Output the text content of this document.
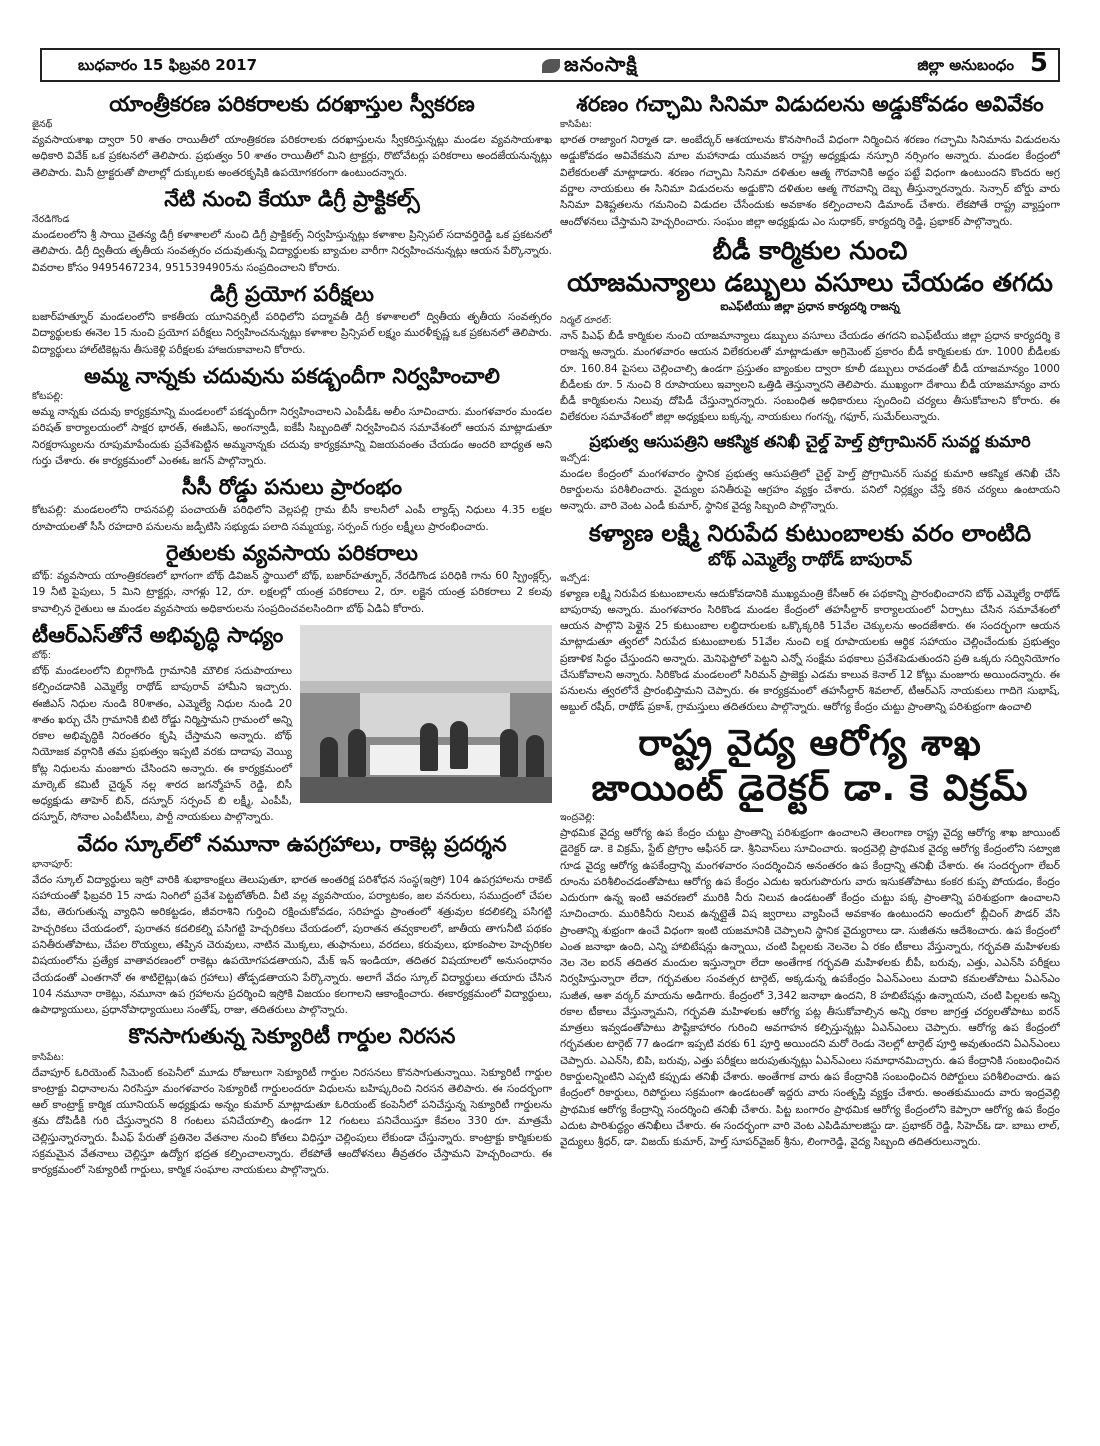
బుధవారం 15 ఫిబ్రవరి 2017	జనంసాక్షి	జిల్లా అనుబంధం 5
యాంత్రీకరణ పరికరాలకు దరఖాస్తుల స్వీకరణ

జైనథ్

వ్యవసాయశాఖ ద్వారా 50 శాతం రాయితీలో యాంత్రికరణ పరికరాలకు దరఖాస్తులను స్వీకరిస్తున్నట్లు మండల వ్యవసాయశాఖ అధికారి వివేక్ ఒక ప్రకటనలో తెలిపారు. ప్రభుత్వం 50 శాతం రాయితీలో మిని ట్రాక్టర్లు, రొటోవేటర్లు పరికరాలు అందజేయనున్నట్లు తెలిపారు. మినీ ట్రాక్టరుతో పొలాల్లో దుక్కులకు అంతరకృషికి ఉపయోగకరంగా ఉంటుందన్నారు.

నేటి నుంచి కేయూ డిగ్రీ ప్రాక్టికల్స్

నేరడిగొండ

మండలంలోని శ్రీ సాయి చైతన్య డిగ్రీ కళాశాలలో నుంచి డిగ్రీ ప్రాక్టికల్స్ నిర్వహిస్తున్నట్లు కళాశాల ప్రిన్సిపల్ సదావర్తిరెడ్డి ఒక ప్రకటనలో తెలిపారు. డిగ్రీ ద్వితీయ తృతీయ సంవత్సరం చదువుతున్న విద్యార్థులకు బ్యాచుల వారీగా నిర్వహించనున్నట్లు ఆయన పేర్కొన్నారు. వివరాల కోసం 9495467234, 9515394905ను సంప్రదించాలని కోరారు.

డిగ్రీ ప్రయోగ పరీక్షలు

బజార్‌హత్నూర్ మండలంలోని కాకతీయ యూనివర్సిటీ పరిధిలోని పద్మావతీ డిగ్రీ కళాశాలలో ద్వితీయ తృతీయ సంవత్సరం విద్యార్థులకు ఈనెల 15 నుంచి ప్రయోగ పరీక్షలు నిర్వహించనున్నట్లు కళాశాల ప్రిన్సిపల్ లక్ష్మం మురళీకృష్ణ ఒక ప్రకటనలో తెలిపారు. విద్యార్థులు హాల్‌టికెట్లను తీసుకెళ్లి పరీక్షలకు హాజరుకావాలని కోరారు.

అమ్మ నాన్నకు చదువును పకడ్బందీగా నిర్వహించాలి

కోటపల్లి:

అమ్మ నాన్నకు చదువు కార్యక్రమాన్ని మండలంలో పకడ్బందీగా నిర్వహించాలని ఎంపీడీఓ అలీం సూచించారు. మంగళవారం మండల పరిషత్ కార్యాలయంలో సాక్షర భారత్, ఈజీఎస్, అంగన్వాడీ, ఐకేపీ సిబ్బందితో నిర్వహించిన సమావేశంలో ఆయన మాట్లాడుతూ నిరక్షరాస్యులను రూపుమాపేందుకు ప్రవేశపెట్టిన అమ్మనాన్నకు చదువు కార్యక్రమాన్ని విజయవంతం చేయడం అందరి బాధ్యత అని గుర్తు చేశారు. ఈ కార్యక్రమంలో ఎంఈఓ జగన్ పాల్గొన్నారు.

సీసీ రోడ్డు పనులు ప్రారంభం

కోటపల్లి: మండలంలోని రాపనపల్లి పంచాయతీ పరిధిలోని వెల్లపల్లి గ్రామ బీసీ కాలనీలో ఎంపీ ల్యాడ్స్ నిధులు 4.35 లక్షల రూపాయలతో సీసీ రహదారి పనులను జడ్పీటిసి సభ్యుడు పలాది సమ్మయ్య, సర్పంచ్ గుర్రం లక్ష్మీలు ప్రారంభించారు.

రైతులకు వ్యవసాయ పరికరాలు

బోథ్: వ్యవసాయ యాంత్రికరణలో భాగంగా బోథ్ డివిజన్ స్థాయిలో బోథ్, బజార్‌హత్నూర్, నేరడిగొండ పరిధికి గాను 60 స్ప్రింక్లర్స్, 19 నీటి పైపులు, 5 మిని ట్రాక్టర్లు, నాగళ్లు 12, రూ. లక్షలల్లో యంత్ర పరికరాలు 2, రూ. లక్షైన యంత్ర పరికరాలు 2 కలవు కావాల్సిన రైతులు ఆ మండల వ్యవసాయ అధికారులను సంప్రదించవలసిందిగా బోథ్ ఏడిఏ కోరారు.

టీఆర్ఎస్‌తోనే అభివృద్ధి సాధ్యం

బోథ్:

బోథ్ మండలంలోని బిర్గాగొండి గ్రామానికి మౌలిక సదుపాయాలు కల్పించడానికి ఎమ్మెల్యే రాథోడ్ బాపురావ్ హామీని ఇచ్చారు. ఈజీఎస్ నిధుల నుండి 80శాతం, ఎమ్మెల్యే నిధుల నుండి 20 శాతం ఖర్చు చేసి గ్రామానికి బిటి రోడ్డు నిర్మిస్తామని గ్రామంలో అన్ని రకాల అభివృద్ధికి నిరంతరం కృషి చేస్తామని అన్నారు. బోథ్ నియోజక వర్గానికి తమ ప్రభుత్వం ఇప్పటి వరకు దాదాపు వెయ్యి కోట్ల నిధులను మంజూరు చేసిందని అన్నారు. ఈ కార్యక్రమంలో మార్కెట్ కమిటీ చైర్మన్ నల్ల శారద జగన్మోహన్ రెడ్డి, బిసీ అధ్యక్షుడు తాహెర్ బిన్, దస్నూర్ సర్పంచ్ బి లక్ష్మీ, ఎంపీపీ, దస్నూర్, సోనాల ఎంపీటీసీలు, పార్టీ నాయకులు పాల్గొన్నారు.

వేదం స్కూల్‌లో నమూనా ఉపగ్రహాలు, రాకెట్ల ప్రదర్శన

భానాపూర్:

వేదం స్కూల్ విద్యార్థులు ఇస్రో వారికి శుభాకాంక్షలు తెలుపుతూ, భారత అంతరిక్ష పరిశోధన సంస్థ(ఇస్రో) 104 ఉపగ్రహాలను రాకెట్ సహాయంతో ఫిబ్రవరి 15 నాడు నింగిలో ప్రవేశ పెట్టబోతోంది. వీటి వల్ల వ్యవసాయం, పర్యాటకం, జల వనరులు, సముద్రంలో చేపల వేట, తెరుగుతున్న వ్యాధిని అరికట్టడం, జీవరాశిని గుర్తించి రక్షించుకోవడం, సరిహద్దు ప్రాంతంలో శత్రువుల కదలికల్ని పసిగట్టి హెచ్చరికలు చేయడంలో, పురాతన కదలికల్ని పసిగట్టి హెచ్చరికలు చేయడంలో, పురాతన తవ్వకాలలో, జాతీయ తాగునీటి పథకం పనితీరుతోపాటు, చేపల రొయ్యలు, తప్పిన చెరువులు, నాటిన మొక్కలు, తుఫానులు, వరదలు, కరువులు, భూకంపాల హెచ్చరికల విషయంలోను ప్రత్యేక వాతావరణంలో రాకెట్లు ఉపయోగపడతాయని, మేక్ ఇన్ ఇండియా, తదితర విషయాలలో అనుసంధానం చేయడంతో ఎంతగానో ఈ శాటిలైట్లు(ఉప గ్రహాలు) తోడ్పడతాయని పేర్కొన్నారు. అలాగే వేదం స్కూల్ విద్యార్థులు తయారు చేసిన 104 నమూనా రాకెట్లు, నమూనా ఉప గ్రహాలను ప్రదర్శించి ఇస్రోకి విజయం కలగాలని ఆకాంక్షించారు. ఈకార్యక్రమంలో విద్యార్థులు, ఉపాధ్యాయులు, ప్రధానోపాధ్యాయులు సంతోష్, రాజు, తదితరులు పాల్గొన్నారు.

కొనసాగుతున్న సెక్యూరిటీ గార్డుల నిరసన

కాసిపేట:

దేవాపూర్ ఓరియెంట్ సిమెంట్ కంపెనీలో మూడు రోజులుగా సెక్యూరిటీ గార్డుల నిరసనలు కొనసాగుతున్నాయి. సెక్యూరిటీ గార్డుల కాంట్రాక్టు విధానాలను నిరసిస్తూ మంగళవారం సెక్యూరిటీ గార్డులందరూ విధులను బహిష్కరించి నిరసన తెలిపారు. ఈ సందర్భంగా ఆల్ కాంట్రాక్ట్ కార్మిక యూనియన్ అధ్యక్షుడు అన్నం కుమార్ మాట్లాడుతూ ఓరియంట్ కంపెనీలో పనిచేస్తున్న సెక్యూరిటీ గార్డులను శ్రమ దోపిడీకి గురి చేస్తున్నారని 8 గంటలు పనిచేయాల్సి ఉండగా 12 గంటలు పనిచేయిస్తూ కేవలం 330 రూ. మాత్రమే చెల్లిస్తున్నారన్నారు. పీఎఫ్ పేరుతో ప్రతినెల వేతనాల నుంచి కోతలు విధిస్తూ చెల్లింపులు లేకుండా చేస్తున్నారు. కాంట్రాక్టు కార్మికులకు సక్రమమైన వేతనాలు చెల్లిస్తూ ఉద్యోగ భద్రత కల్పించాలన్నారు. లేకపోతే ఆందోళనలు తీవ్రతరం చేస్తామని హెచ్చరించారు. ఈ కార్యక్రమంలో సెక్యూరిటీ గార్డులు, కార్మిక సంఘాల నాయకులు పాల్గొన్నారు.

శరణం గచ్ఛామి సినిమా విడుదలను అడ్డుకోవడం అవివేకం

కాసిపేట:

భారత రాజ్యాంగ నిర్మాత డా. అంబేద్కర్ ఆశయాలను కొనసాగించే విధంగా నిర్మించిన శరణం గచ్ఛామి సినిమాను విడుదలను అడ్డుకోవడం అవివేకమని మాల మహానాడు యువజన రాష్ట్ర అధ్యక్షుడు నస్పూరి నర్సింగం అన్నారు. మండల కేంద్రంలో విలేకరులతో మాట్లాడారు. శరణం గచ్ఛామి సినిమా దళితుల ఆత్మ గౌరవానికి అద్దం పట్టే విధంగా ఉంటుందని కొందరు అగ్ర వర్ణాల నాయకులు ఈ సినిమా విడుదలను అడ్డుకొని దళితుల ఆత్మ గౌరవాన్ని దెబ్బ తీస్తున్నారన్నారు. సెన్సార్ బోర్డు వారు సినిమా విశిష్టతలను గమనించి విడుదల చేసేందుకు అవకాశం కల్పించాలని డిమాండ్ చేశారు. లేకపోతే రాష్ట్ర వ్యాప్తంగా ఆందోళనలు చేస్తామని హెచ్చరించారు. సంఘం జిల్లా అధ్యక్షుడు ఎం సుధాకర్, కార్యదర్శి రెడ్డి, ప్రభాకర్ పాల్గొన్నారు.

బీడీ కార్మికుల నుంచి
యాజమన్యాలు డబ్బులు వసూలు చేయడం తగదు
ఐఎఫ్‌టీయు జిల్లా ప్రధాన కార్యదర్శి రాజన్న

నిర్మల్ రూరల్:

నాన్ పిఎఫ్ బీడీ కార్మికుల నుంచి యాజమాన్యాలు డబ్బులు వసూలు చేయడం తగదని ఐఎఫ్‌టీయు జిల్లా ప్రధాన కార్యదర్శి కె రాజన్న అన్నారు. మంగళవారం ఆయన విలేకరులతో మాట్లాడుతూ అగ్రిమెంట్ ప్రకారం బీడీ కార్మికులకు రూ. 1000 బీడీలకు రూ. 160.84 పైసలు చెల్లించాల్సి ఉండగా ప్రస్తుతం బ్యాంకుల ద్వారా కూలీ డబ్బులు రావడంతో బీడీ యాజమాన్యం 1000 బీడీలకు రూ. 5 నుంచి 8 రూపాయలు ఇవ్వాలని ఒత్తిడి తెస్తున్నారని తెలిపారు. ముఖ్యంగా దేశాయి బీడీ యాజమాన్యం వారు బీడీ కార్మికులను నిలువు దోపిడీ చేస్తున్నారన్నారు. సంబంధిత అధికారులు స్పందించి చర్యలు తీసుకోవాలని కోరారు. ఈ విలేకరుల సమావేశంలో జిల్లా అధ్యక్షులు బక్కన్న, నాయకులు గంగన్న, గఫూర్, సుమేర్‌లున్నారు.

ప్రభుత్వ ఆసుపత్రిని ఆకస్మిక తనిఖీ చైల్డ్ హెల్త్ ప్రోగ్రామినర్ సువర్ణ కుమారి

ఇచ్చోడ:

మండల కేంద్రంలో మంగళవారం స్థానిక ప్రభుత్వ ఆసుపత్రిలో చైల్డ్ హెల్త్ ప్రోగ్రామినర్ సువర్ణ కుమారి ఆకస్మిక తనిఖీ చేసి రికార్డులను పరిశీలించారు. వైద్యుల పనితీరుపై ఆగ్రహం వ్యక్తం చేశారు. పనిలో నిర్లక్ష్యం చేస్తే కఠిన చర్యలు ఉంటాయని అన్నారు. వారి వెంట ఎండీ కుమార్, స్థానిక వైద్య సిబ్బంది పాల్గొన్నారు.

కళ్యాణ లక్ష్మి నిరుపేద కుటుంబాలకు వరం లాంటిది
బోథ్ ఎమ్మెల్యే రాథోడ్ బాపురావ్

ఇచ్చోడ:

కళ్యాణ లక్ష్మి నిరుపేద కుటుంబాలను ఆదుకోవడానికి ముఖ్యమంత్రి కేసీఆర్ ఈ పథకాన్ని ప్రారంభించారని బోథ్ ఎమ్మెల్యే రాథోడ్ బాపురావు అన్నారు. మంగళవారం సిరికొండ మండల కేంద్రంలో తహసీల్దార్ కార్యాలయంలో ఏర్పాటు చేసిన సమావేశంలో ఆయన పాల్గొని పెళ్లైన 25 కుటుంబాల లబ్ధిదారులకు ఒక్కొక్కరికి 51వేల చెక్కులను అందజేశారు. ఈ సందర్భంగా ఆయన మాట్లాడుతూ త్వరలో నిరుపేద కుటుంబాలకు 51వేల నుంచి లక్ష రూపాయలకు ఆర్థిక సహాయం చెల్లించేందుకు ప్రభుత్వం ప్రణాళిక సిద్ధం చేస్తుందని అన్నారు. మెనిఫెస్టోలో పెట్టని ఎన్నో సంక్షేమ పథకాలు ప్రవేశపెడుతుందని ప్రతి ఒక్కరు సద్వినియోగం చేసుకోవాలని అన్నారు. సిరికొండ మండలంలో సిరిమన్ ప్రాజెక్టు ఎడమ కాలువ కెనాల్ 12 కోట్లు మంజూరు అయిందన్నారు. ఈ పనులను త్వరలోనే ప్రారంభిస్తామని చెప్పారు. ఈ కార్యక్రమంలో తహసీల్దార్ శివలాల్, టీఆర్ఎస్ నాయకులు గాదిగె సుభాష్, అబ్దుల్ రషీద్, రాథోడ్ ప్రకాశ్, గ్రామస్తులు తదితరులు పాల్గొన్నారు. ఆరోగ్య కేంద్రం చుట్టు ప్రాంతాన్ని పరిశుభ్రంగా ఉంచాలి

రాష్ట్ర వైద్య ఆరోగ్య శాఖ
జాయింట్ డైరెక్టర్ డా. కె విక్రమ్

ఇంద్రవెల్లి:

ప్రాథమిక వైద్య ఆరోగ్య ఉప కేంద్రం చుట్టు ప్రాంతాన్ని పరిశుభ్రంగా ఉంచాలని తెలంగాణ రాష్ట్ర వైద్య ఆరోగ్య శాఖ జాయింట్ డైరెక్టర్ డా. కె విక్రమ్, స్టేట్ ప్రోగ్రాం ఆఫీసర్ డా. శ్రీనివాస్‌లు సూచించారు. ఇంద్రవెల్లి ప్రాథమిక వైద్య ఆరోగ్య కేంద్రంలోని సట్వాజి గూడ వైద్య ఆరోగ్య ఉపకేంద్రాన్ని మంగళవారం సందర్శించిన అనంతరం ఉప కేంద్రాన్ని తనిఖీ చేశారు. ఈ సందర్భంగా లేబర్ రూంను పరిశీలించడంతోపాటు ఆరోగ్య ఉప కేంద్రం ఎదుట ఇరుగుపొరుగు వారు ఇసుకతోపాటు కంకర కుప్ప పోయడం, కేంద్రం ఎదురుగా ఉన్న ఇంటి ఆవరణలో మురికి నీరు నిలువ ఉండటంతో కేంద్రం చుట్టు పక్క ప్రాంతాన్ని పరిశుభ్రంగా ఉంచాలని సూచించారు. మురికినీరు నిలువ ఉన్నట్లైతే విష జ్వరాలు వ్యాపించే అవకాశం ఉంటుందని అందులో బ్లీచింగ్ పౌడర్ వేసి ప్రాంతాన్ని శుభ్రంగా ఉంచే విధంగా ఇంటి యజమానికి చెప్పాలని స్థానిక వైద్యురాలు డా. సుజీతను ఆదేశించారు. ఉప కేంద్రంలో ఎంత జనాభా ఉంది, ఎన్ని హాబిటేషన్లు ఉన్నాయి, చంటి పిల్లలకు నెలనెల ఏ రకం టీకాలు వేస్తున్నారు, గర్భవతి మహిళలకు నెల నెల ఐరన్ తదితర మందుల ఇస్తున్నారా లేదా అంతేగాక గర్భవతి మహిళలకు బీపీ, బరువు, ఎత్తు, ఎఎన్‌సి పరీక్షలు నిర్వహిస్తున్నారా లేదా, గర్భవతుల సంవత్సర టార్గెట్, అక్కడున్న ఉపకేంద్రం ఏఎన్‌ఎంలు మదావి కమలతోపాటు ఏఎన్‌ఎం సుజీత, ఆశా వర్కర్ మాయను అడిగారు. కేంద్రంలో 3,342 జనాభా ఉందని, 8 హబిటేషన్లు ఉన్నాయని, చంటి పిల్లలకు అన్ని రకాల టీకాలు వేస్తున్నామని, గర్భవతి మహిళలకు ఆరోగ్య పట్ల తీసుకోవాల్సిన అన్ని రకాల జాగ్రత్త చర్యలతోపాటు ఐరన్ మాత్రలు ఇవ్వడంతోపాటు పౌష్టికాహారం గురించి అవగాహన కల్పిస్తున్నట్లు ఏఎన్‌ఎంలు చెప్పారు. ఆరోగ్య ఉప కేంద్రంలో గర్భవతుల టార్గెట్ 77 ఉండగా ఇప్పటి వరకు 61 పూర్తి అయిందని మరో రెండు నెలల్లో టార్గెట్ పూర్తి అవుతుందని ఏఎన్‌ఎంలు చెప్పారు. ఎఎన్‌సి, బిపి, బరువు, ఎత్తు పరీక్షలు జరుపుతున్నట్లు ఏఎన్‌ఎంలు సమాధానమిచ్చారు. ఉప కేంద్రానికి సంబంధించిన రికార్డులన్నింటిని ఎప్పటి కప్పుడు తనిఖీ చేశారు. అంతేగాక వారు ఉప కేంద్రానికి సంబంధించిన రిపోర్టులు పరిశీలించారు. ఉప కేంద్రంలో రికార్డులు, రిపోర్టులు సక్రమంగా ఉండటంతో ఇద్దరు వారు సంతృప్తి వ్యక్తం చేశారు. అంతకుముందు వారు ఇంద్రవెల్లి ప్రాథమిక ఆరోగ్య కేంద్రాన్ని సందర్శించి తనిఖీ చేశారు. పిట్ట బంగారం ప్రాథమిక ఆరోగ్య కేంద్రంలోని కెప్పారా ఆరోగ్య ఉప కేంద్రం ఎదుట పారిశుద్ధ్యం తనిఖీలు చేశారు. ఈ సందర్భంగా వారి వెంట ఎపిడిమాలజిస్టు డా. ప్రభాకర్ రెడ్డి, సిహెచ్ఓ డా. బాబు లాల్, వైద్యులు శ్రీధర్, డా. విజయ్ కుమార్, హెల్త్ సూపర్‌వైజర్ శ్రీను, లింగారెడ్డి, వైద్య సిబ్బంది తదితరులున్నారు.
